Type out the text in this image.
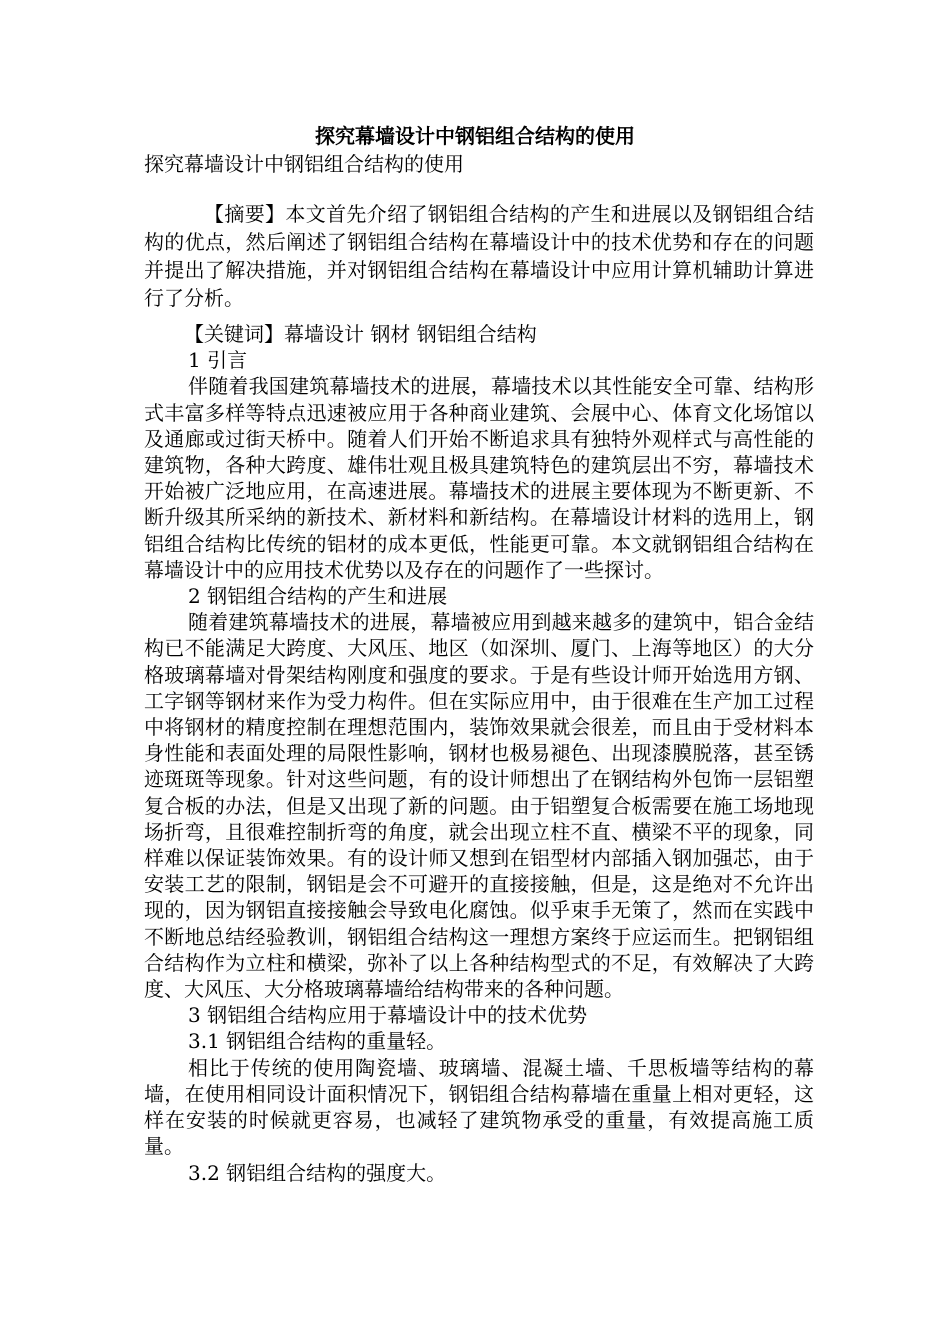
探究幕墙设计中钢铝组合结构的使用
探究幕墙设计中钢铝组合结构的使用

【摘要】本文首先介绍了钢铝组合结构的产生和进展以及钢铝组合结构的优点，然后阐述了钢铝组合结构在幕墙设计中的技术优势和存在的问题并提出了解决措施，并对钢铝组合结构在幕墙设计中应用计算机辅助计算进行了分析。

【关键词】幕墙设计 钢材 钢铝组合结构

1 引言

伴随着我国建筑幕墙技术的进展，幕墙技术以其性能安全可靠、结构形式丰富多样等特点迅速被应用于各种商业建筑、会展中心、体育文化场馆以及通廊或过街天桥中。随着人们开始不断追求具有独特外观样式与高性能的建筑物，各种大跨度、雄伟壮观且极具建筑特色的建筑层出不穷，幕墙技术开始被广泛地应用，在高速进展。幕墙技术的进展主要体现为不断更新、不断升级其所采纳的新技术、新材料和新结构。在幕墙设计材料的选用上，钢铝组合结构比传统的铝材的成本更低，性能更可靠。本文就钢铝组合结构在幕墙设计中的应用技术优势以及存在的问题作了一些探讨。

2 钢铝组合结构的产生和进展

随着建筑幕墙技术的进展，幕墙被应用到越来越多的建筑中，铝合金结构已不能满足大跨度、大风压、地区（如深圳、厦门、上海等地区）的大分格玻璃幕墙对骨架结构刚度和强度的要求。于是有些设计师开始选用方钢、工字钢等钢材来作为受力构件。但在实际应用中，由于很难在生产加工过程中将钢材的精度控制在理想范围内，装饰效果就会很差，而且由于受材料本身性能和表面处理的局限性影响，钢材也极易褪色、出现漆膜脱落，甚至锈迹斑斑等现象。针对这些问题，有的设计师想出了在钢结构外包饰一层铝塑复合板的办法，但是又出现了新的问题。由于铝塑复合板需要在施工场地现场折弯，且很难控制折弯的角度，就会出现立柱不直、横梁不平的现象，同样难以保证装饰效果。有的设计师又想到在铝型材内部插入钢加强芯，由于安装工艺的限制，钢铝是会不可避开的直接接触，但是，这是绝对不允许出现的，因为钢铝直接接触会导致电化腐蚀。似乎束手无策了，然而在实践中不断地总结经验教训，钢铝组合结构这一理想方案终于应运而生。把钢铝组合结构作为立柱和横梁，弥补了以上各种结构型式的不足，有效解决了大跨度、大风压、大分格玻璃幕墙给结构带来的各种问题。

3 钢铝组合结构应用于幕墙设计中的技术优势

3.1 钢铝组合结构的重量轻。

相比于传统的使用陶瓷墙、玻璃墙、混凝土墙、千思板墙等结构的幕墙，在使用相同设计面积情况下，钢铝组合结构幕墙在重量上相对更轻，这样在安装的时候就更容易，也减轻了建筑物承受的重量，有效提高施工质量。

3.2 钢铝组合结构的强度大。
